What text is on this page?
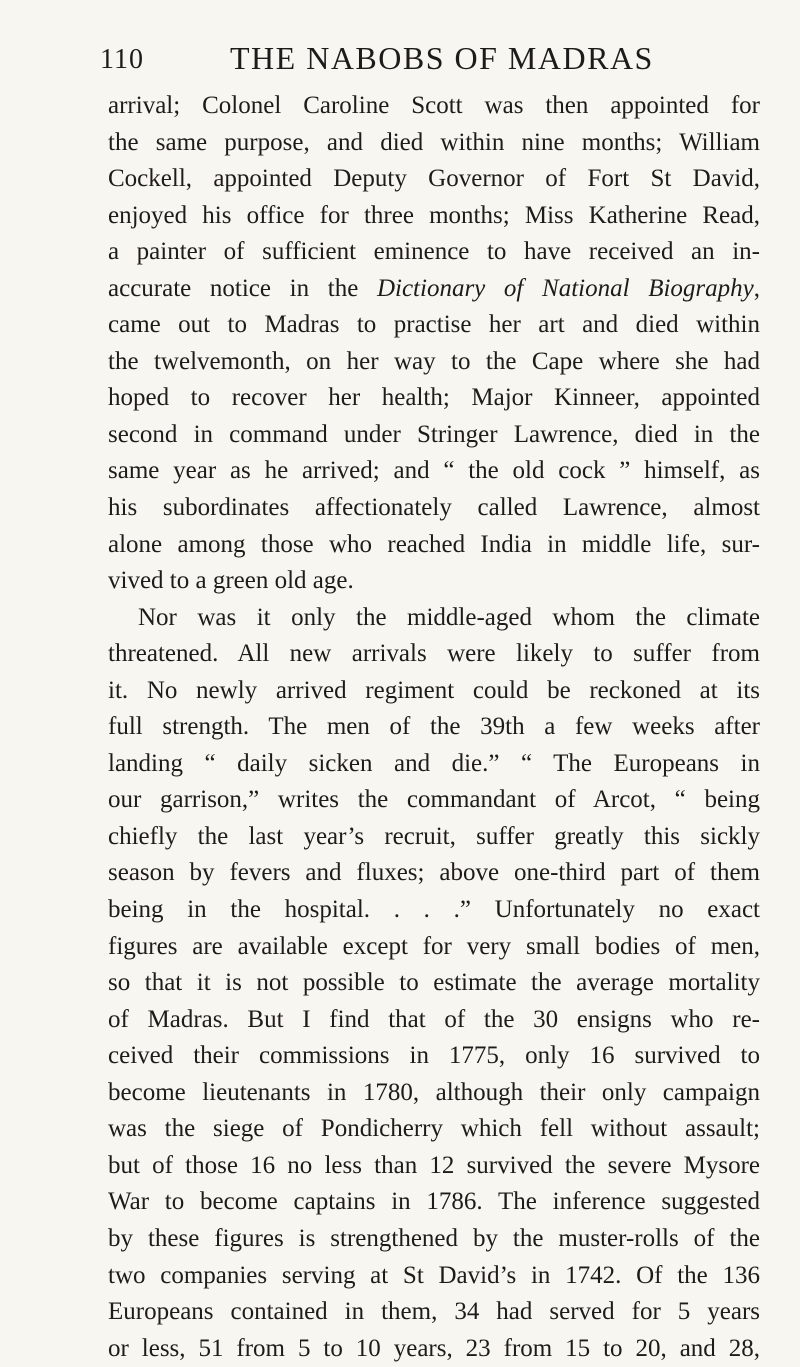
110	THE NABOBS OF MADRAS
arrival; Colonel Caroline Scott was then appointed for
the same purpose, and died within nine months; William
Cockell, appointed Deputy Governor of Fort St David,
enjoyed his office for three months; Miss Katherine Read,
a painter of sufficient eminence to have received an in-
accurate notice in the Dictionary of National Biography,
came out to Madras to practise her art and died within
the twelvemonth, on her way to the Cape where she had
hoped to recover her health; Major Kinneer, appointed
second in command under Stringer Lawrence, died in the
same year as he arrived; and “ the old cock ” himself, as
his subordinates affectionately called Lawrence, almost
alone among those who reached India in middle life, sur-
vived to a green old age.
Nor was it only the middle-aged whom the climate
threatened. All new arrivals were likely to suffer from
it. No newly arrived regiment could be reckoned at its
full strength. The men of the 39th a few weeks after
landing “ daily sicken and die.” “ The Europeans in
our garrison,” writes the commandant of Arcot, “ being
chiefly the last year’s recruit, suffer greatly this sickly
season by fevers and fluxes; above one-third part of them
being in the hospital. . . .” Unfortunately no exact
figures are available except for very small bodies of men,
so that it is not possible to estimate the average mortality
of Madras. But I find that of the 30 ensigns who re-
ceived their commissions in 1775, only 16 survived to
become lieutenants in 1780, although their only campaign
was the siege of Pondicherry which fell without assault;
but of those 16 no less than 12 survived the severe Mysore
War to become captains in 1786. The inference suggested
by these figures is strengthened by the muster-rolls of the
two companies serving at St David’s in 1742. Of the 136
Europeans contained in them, 34 had served for 5 years
or less, 51 from 5 to 10 years, 23 from 15 to 20, and 28,
